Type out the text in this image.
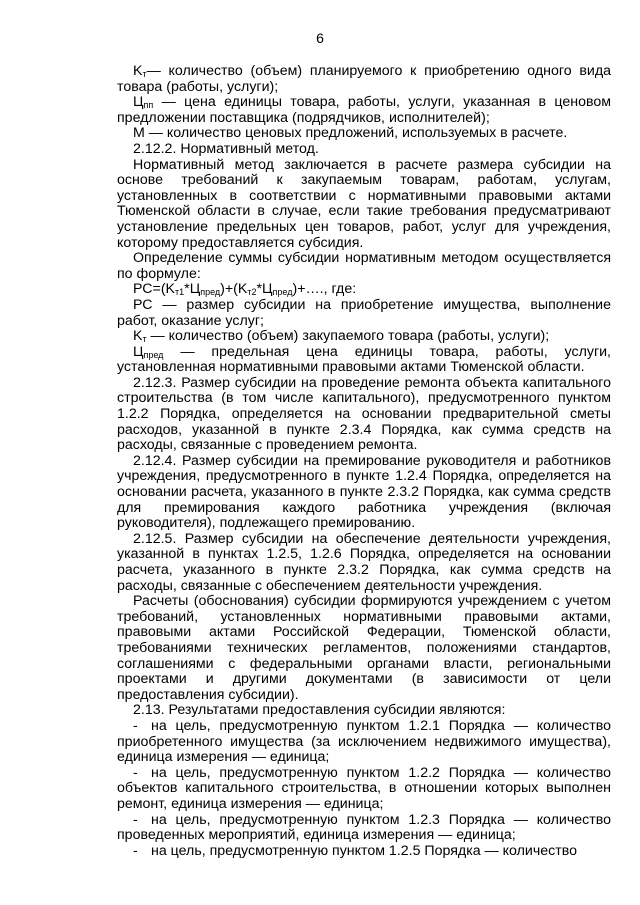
6

$K_т—$ количество (объем) планируемого к приобретению одного вида товара (работы, услуги);

$Ц_{пп}$ — цена единицы товара, работы, услуги, указанная в ценовом предложении поставщика (подрядчиков, исполнителей);

М — количество ценовых предложений, используемых в расчете.

2.12.2. Нормативный метод.

Нормативный метод заключается в расчете размера субсидии на основе требований к закупаемым товарам, работам, услугам, установленных в соответствии с нормативными правовыми актами Тюменской области в случае, если такие требования предусматривают установление предельных цен товаров, работ, услуг для учреждения, которому предоставляется субсидия.

Определение суммы субсидии нормативным методом осуществляется по формуле:

$РС=(K_{т1}*Ц_{пред})+(K_{т2}*Ц_{пред})+\dots$., где:

РС — размер субсидии на приобретение имущества, выполнение работ, оказание услуг;

$K_т$ — количество (объем) закупаемого товара (работы, услуги);

$Ц_{пред}$ — предельная цена единицы товара, работы, услуги, установленная нормативными правовыми актами Тюменской области.

2.12.3. Размер субсидии на проведение ремонта объекта капитального строительства (в том числе капитального), предусмотренного пунктом 1.2.2 Порядка, определяется на основании предварительной сметы расходов, указанной в пункте 2.3.4 Порядка, как сумма средств на расходы, связанные с проведением ремонта.

2.12.4. Размер субсидии на премирование руководителя и работников учреждения, предусмотренного в пункте 1.2.4 Порядка, определяется на основании расчета, указанного в пункте 2.3.2 Порядка, как сумма средств для премирования каждого работника учреждения (включая руководителя), подлежащего премированию.

2.12.5. Размер субсидии на обеспечение деятельности учреждения, указанной в пунктах 1.2.5, 1.2.6 Порядка, определяется на основании расчета, указанного в пункте 2.3.2 Порядка, как сумма средств на расходы, связанные с обеспечением деятельности учреждения.

Расчеты (обоснования) субсидии формируются учреждением с учетом требований, установленных нормативными правовыми актами, правовыми актами Российской Федерации, Тюменской области, требованиями технических регламентов, положениями стандартов, соглашениями с федеральными органами власти, региональными проектами и другими документами (в зависимости от цели предоставления субсидии).

2.13. Результатами предоставления субсидии являются:

- на цель, предусмотренную пунктом 1.2.1 Порядка — количество приобретенного имущества (за исключением недвижимого имущества), единица измерения — единица;

- на цель, предусмотренную пунктом 1.2.2 Порядка — количество объектов капитального строительства, в отношении которых выполнен ремонт, единица измерения — единица;

- на цель, предусмотренную пунктом 1.2.3 Порядка — количество проведенных мероприятий, единица измерения — единица;

- на цель, предусмотренную пунктом 1.2.5 Порядка — количество
